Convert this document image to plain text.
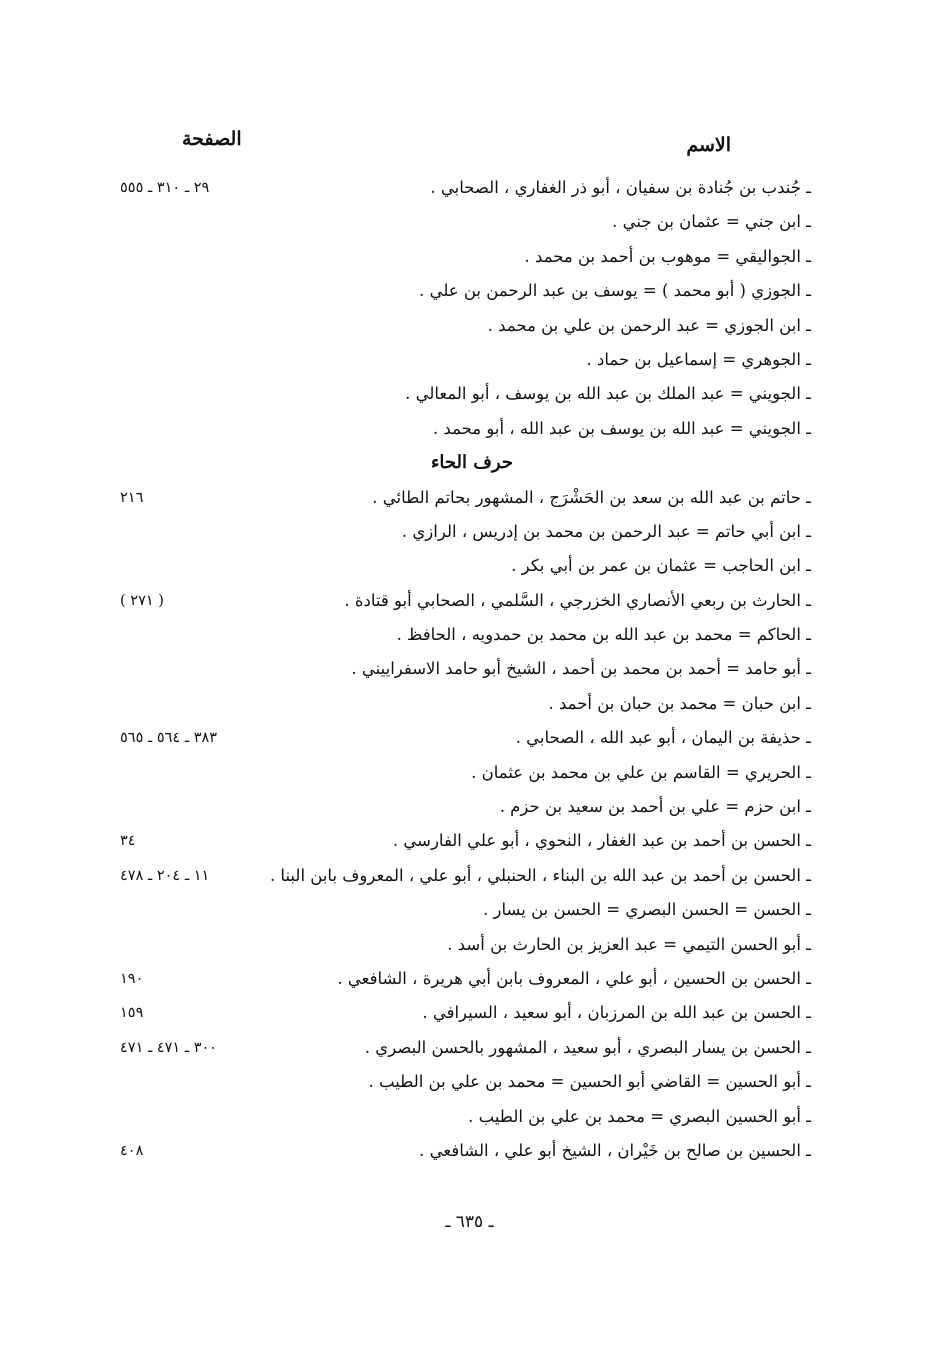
الاسم
الصفحة
ـ جُندب بن جُنادة بن سفيان ، أبو ذر الغفاري ، الصحابي .
٢٩ ـ ٣١٠ ـ ٥٥٥
ـ ابن جني = عثمان بن جني .
ـ الجواليقي = موهوب بن أحمد بن محمد .
ـ الجوزي ( أبو محمد ) = يوسف بن عبد الرحمن بن علي .
ـ ابن الجوزي = عبد الرحمن بن علي بن محمد .
ـ الجوهري = إسماعيل بن حماد .
ـ الجويني = عبد الملك بن عبد الله بن يوسف ، أبو المعالي .
ـ الجويني = عبد الله بن يوسف بن عبد الله ، أبو محمد .
حرف الحاء
ـ حاتم بن عبد الله بن سعد بن الحَشْرَج ، المشهور بحاتم الطائي .
٢١٦
ـ ابن أبي حاتم = عبد الرحمن بن محمد بن إدريس ، الرازي .
ـ ابن الحاجب = عثمان بن عمر بن أبي بكر .
ـ الحارث بن ربعي الأنصاري الخزرجي ، السَّلمي ، الصحابي أبو قتادة .
( ٢٧١ )
ـ الحاكم = محمد بن عبد الله بن محمد بن حمدويه ، الحافظ .
ـ أبو حامد = أحمد بن محمد بن أحمد ، الشيخ أبو حامد الاسفراييني .
ـ ابن حبان = محمد بن حبان بن أحمد .
ـ حذيفة بن اليمان ، أبو عبد الله ، الصحابي .
٣٨٣ ـ ٥٦٤ ـ ٥٦٥
ـ الحريري = القاسم بن علي بن محمد بن عثمان .
ـ ابن حزم = علي بن أحمد بن سعيد بن حزم .
ـ الحسن بن أحمد بن عبد الغفار ، النحوي ، أبو علي الفارسي .
٣٤
ـ الحسن بن أحمد بن عبد الله بن البناء ، الحنبلي ، أبو علي ، المعروف بابن البنا .
١١ ـ ٢٠٤ ـ ٤٧٨
ـ الحسن = الحسن البصري = الحسن بن يسار .
ـ أبو الحسن التيمي = عبد العزيز بن الحارث بن أسد .
ـ الحسن بن الحسين ، أبو علي ، المعروف بابن أبي هريرة ، الشافعي .
١٩٠
ـ الحسن بن عبد الله بن المرزبان ، أبو سعيد ، السيرافي .
١٥٩
ـ الحسن بن يسار البصري ، أبو سعيد ، المشهور بالحسن البصري .
٣٠٠ ـ ٤٧١ ـ ٤٧١
ـ أبو الحسين = القاضي أبو الحسين = محمد بن علي بن الطيب .
ـ أبو الحسين البصري = محمد بن علي بن الطيب .
ـ الحسين بن صالح بن خَيْران ، الشيخ أبو علي ، الشافعي .
٤٠٨
ـ ٦٣٥ ـ
